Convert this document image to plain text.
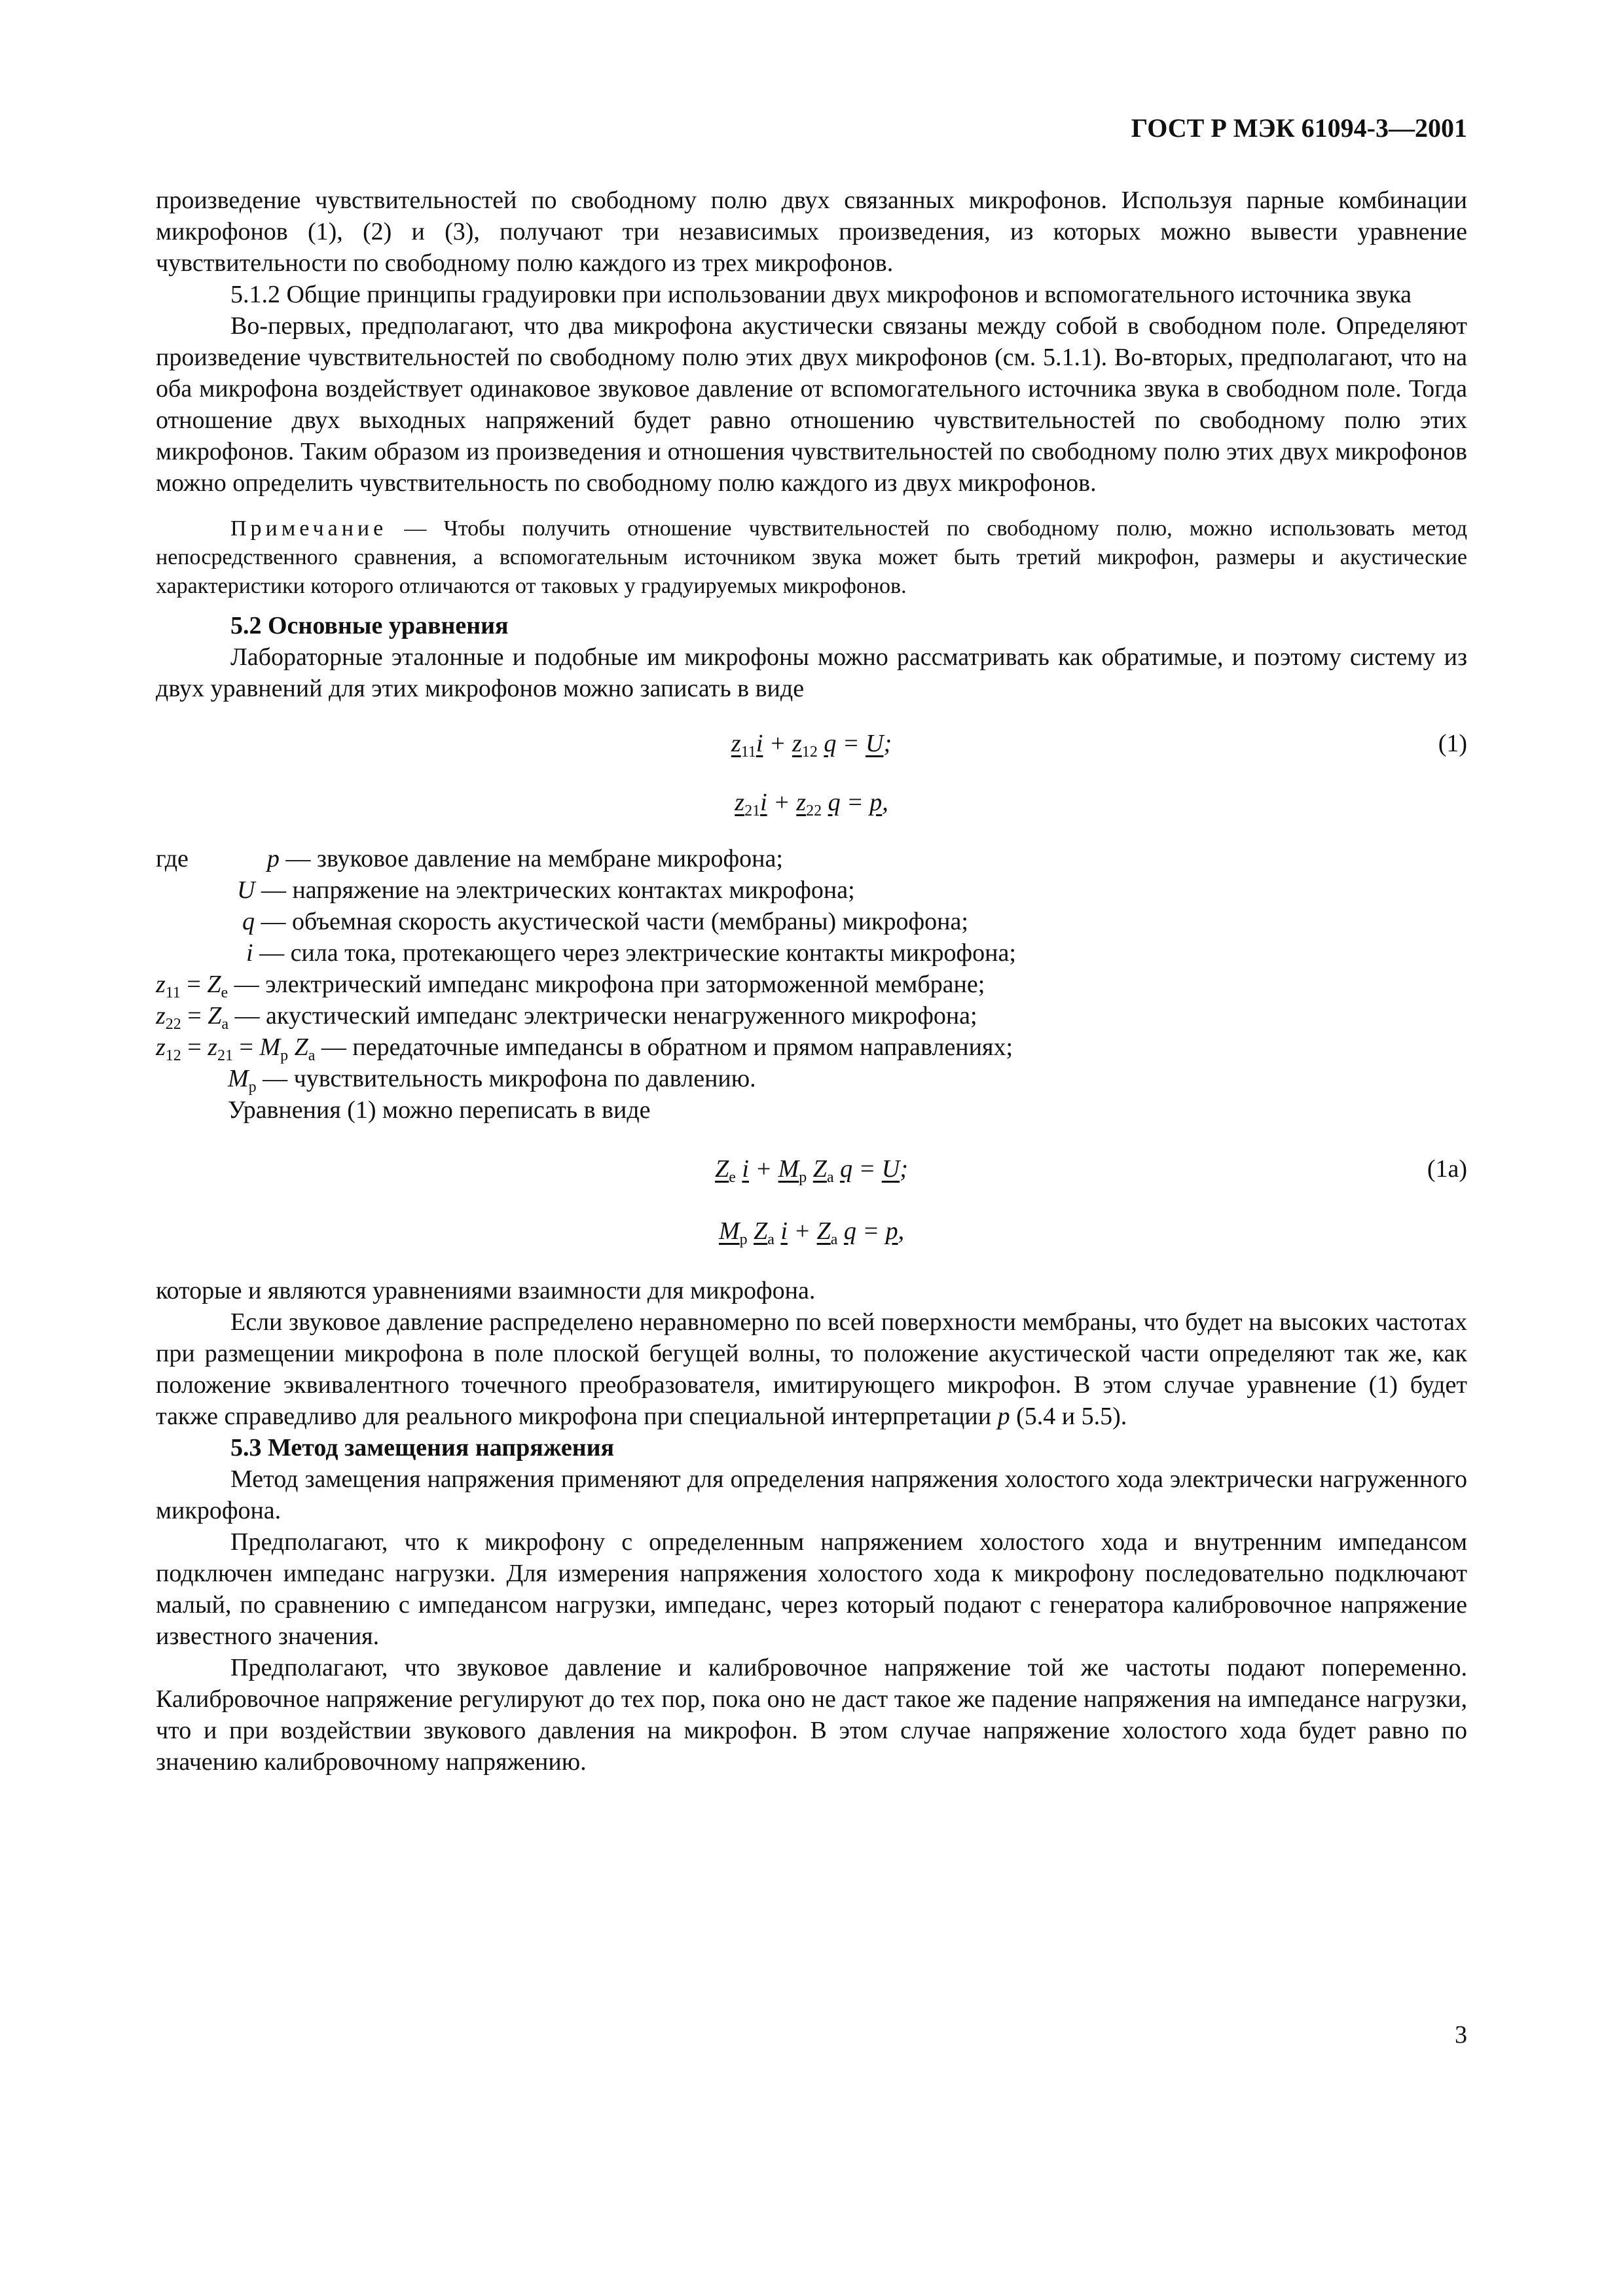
ГОСТ Р МЭК 61094-3—2001

произведение чувствительностей по свободному полю двух связанных микрофонов. Используя парные комбинации микрофонов (1), (2) и (3), получают три независимых произведения, из которых можно вывести уравнение чувствительности по свободному полю каждого из трех микрофонов.

5.1.2 Общие принципы градуировки при использовании двух микрофонов и вспомогательного источника звука

Во-первых, предполагают, что два микрофона акустически связаны между собой в свободном поле. Определяют произведение чувствительностей по свободному полю этих двух микрофонов (см. 5.1.1). Во-вторых, предполагают, что на оба микрофона воздействует одинаковое звуковое давление от вспомогательного источника звука в свободном поле. Тогда отношение двух выходных напряжений будет равно отношению чувствительностей по свободному полю этих микрофонов. Таким образом из произведения и отношения чувствительностей по свободному полю этих двух микрофонов можно определить чувствительность по свободному полю каждого из двух микрофонов.

Примечание — Чтобы получить отношение чувствительностей по свободному полю, можно использовать метод непосредственного сравнения, а вспомогательным источником звука может быть третий микрофон, размеры и акустические характеристики которого отличаются от таковых у градуируемых микрофонов.

5.2 Основные уравнения

Лабораторные эталонные и подобные им микрофоны можно рассматривать как обратимые, и поэтому систему из двух уравнений для этих микрофонов можно записать в виде

$z_{11}i + z_{12}$ q = U;	(1)
$z_{21}i + z_{22}$ q = p,
где	p — звуковое давление на мембране микрофона;
U — напряжение на электрических контактах микрофона;
q — объемная скорость акустической части (мембраны) микрофона;
i — сила тока, протекающего через электрические контакты микрофона;
$z_{11} = Z_e$ — электрический импеданс микрофона при заторможенной мембране;
$z_{22} = Z_a$ — акустический импеданс электрически ненагруженного микрофона;
$z_{12} = z_{21} = M_p$ $Z_a$ — передаточные импедансы в обратном и прямом направлениях;
$M_p$ — чувствительность микрофона по давлению.
Уравнения (1) можно переписать в виде
$Z_e$ $i + M_p$ $Z_a$ q = U;	(1а)
$M_p$ $Z_a$ $i + Z_a$ q = p,

которые и являются уравнениями взаимности для микрофона.

Если звуковое давление распределено неравномерно по всей поверхности мембраны, что будет на высоких частотах при размещении микрофона в поле плоской бегущей волны, то положение акустической части определяют так же, как положение эквивалентного точечного преобразователя, имитирующего микрофон. В этом случае уравнение (1) будет также справедливо для реального микрофона при специальной интерпретации p (5.4 и 5.5).

5.3 Метод замещения напряжения

Метод замещения напряжения применяют для определения напряжения холостого хода электрически нагруженного микрофона.

Предполагают, что к микрофону с определенным напряжением холостого хода и внутренним импедансом подключен импеданс нагрузки. Для измерения напряжения холостого хода к микрофону последовательно подключают малый, по сравнению с импедансом нагрузки, импеданс, через который подают с генератора калибровочное напряжение известного значения.

Предполагают, что звуковое давление и калибровочное напряжение той же частоты подают попеременно. Калибровочное напряжение регулируют до тех пор, пока оно не даст такое же падение напряжения на импедансе нагрузки, что и при воздействии звукового давления на микрофон. В этом случае напряжение холостого хода будет равно по значению калибровочному напряжению.

3
